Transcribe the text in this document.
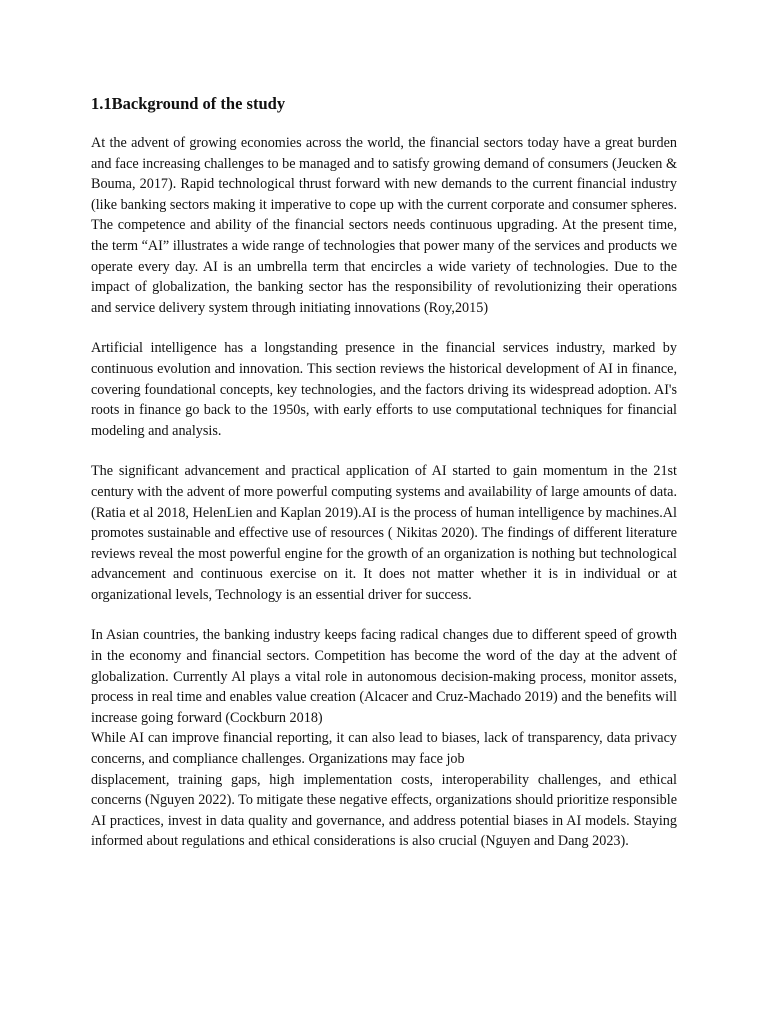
1.1Background of the study

At the advent of growing economies across the world, the financial sectors today have a great burden and face increasing challenges to be managed and to satisfy growing demand of consumers (Jeucken & Bouma, 2017). Rapid technological thrust forward with new demands to the current financial industry (like banking sectors making it imperative to cope up with the current corporate and consumer spheres. The competence and ability of the financial sectors needs continuous upgrading. At the present time, the term “AI” illustrates a wide range of technologies that power many of the services and products we operate every day. AI is an umbrella term that encircles a wide variety of technologies. Due to the impact of globalization, the banking sector has the responsibility of revolutionizing their operations and service delivery system through initiating innovations (Roy,2015)

Artificial intelligence has a longstanding presence in the financial services industry, marked by continuous evolution and innovation. This section reviews the historical development of AI in finance, covering foundational concepts, key technologies, and the factors driving its widespread adoption. AI's roots in finance go back to the 1950s, with early efforts to use computational techniques for financial modeling and analysis.

The significant advancement and practical application of AI started to gain momentum in the 21st century with the advent of more powerful computing systems and availability of large amounts of data. (Ratia et al 2018, HelenLien and Kaplan 2019).AI is the process of human intelligence by machines.Al promotes sustainable and effective use of resources ( Nikitas 2020). The findings of different literature reviews reveal the most powerful engine for the growth of an organization is nothing but technological advancement and continuous exercise on it. It does not matter whether it is in individual or at organizational levels, Technology is an essential driver for success.

In Asian countries, the banking industry keeps facing radical changes due to different speed of growth in the economy and financial sectors. Competition has become the word of the day at the advent of globalization. Currently Al plays a vital role in autonomous decision-making process, monitor assets, process in real time and enables value creation (Alcacer and Cruz-Machado 2019) and the benefits will increase going forward (Cockburn 2018)

While AI can improve financial reporting, it can also lead to biases, lack of transparency, data privacy concerns, and compliance challenges. Organizations may face job

displacement, training gaps, high implementation costs, interoperability challenges, and ethical concerns (Nguyen 2022). To mitigate these negative effects, organizations should prioritize responsible AI practices, invest in data quality and governance, and address potential biases in AI models. Staying informed about regulations and ethical considerations is also crucial (Nguyen and Dang 2023).
